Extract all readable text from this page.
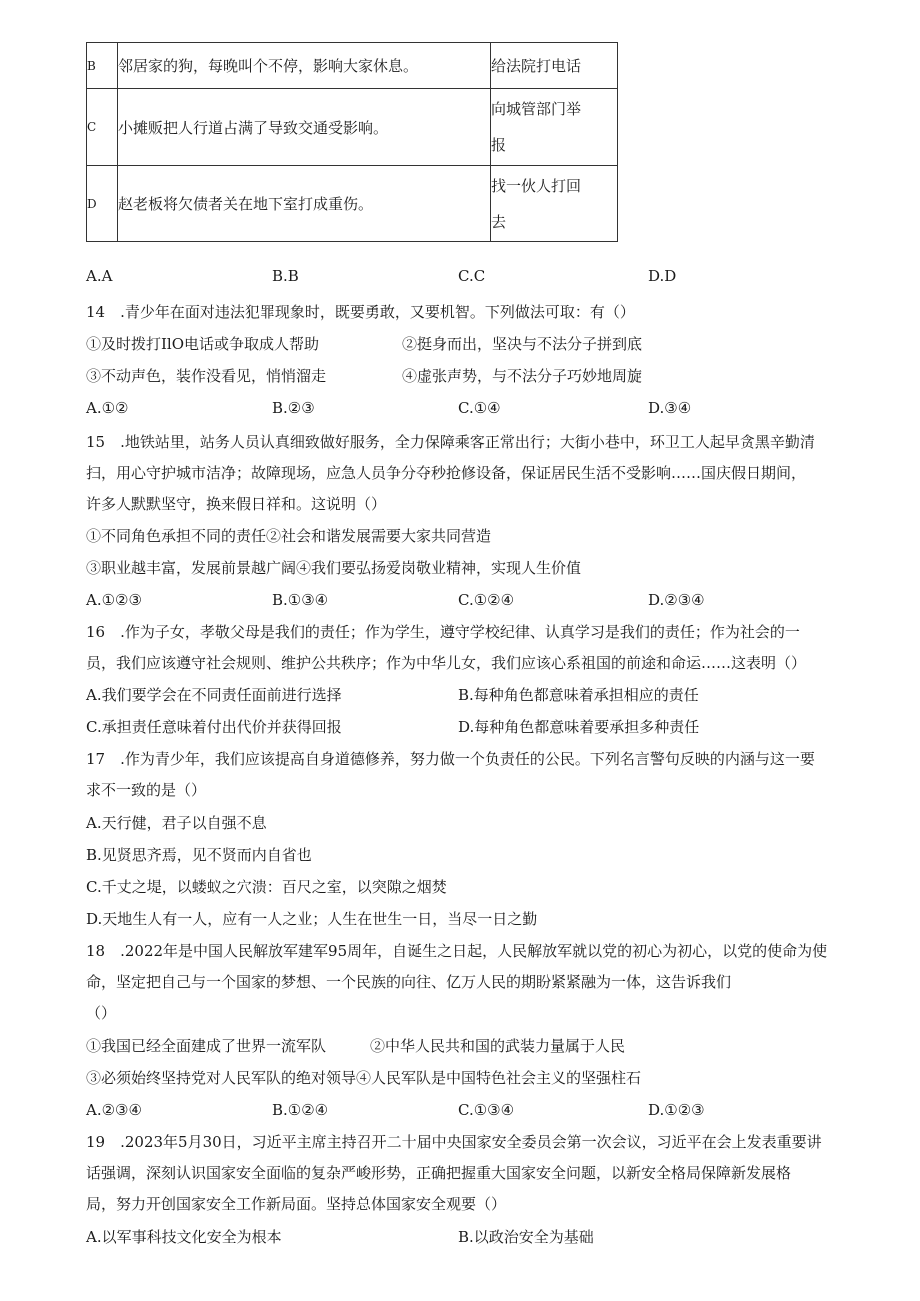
B	邻居家的狗，每晚叫个不停，影响大家休息。	给法院打电话
C	小摊贩把人行道占满了导致交通受影响。	向城管部门举
报

D	赵老板将欠债者关在地下室打成重伤。	找一伙人打回
去
A.A	B.B	C.C	D.D
14　.青少年在面对违法犯罪现象时，既要勇敢，又要机智。下列做法可取：有（）
①及时拨打IlO电话或争取成人帮助	②挺身而出，坚决与不法分子拼到底
③不动声色，装作没看见，悄悄溜走	④虚张声势，与不法分子巧妙地周旋
A.①②	B.②③	C.①④	D.③④
15　.地铁站里，站务人员认真细致做好服务，全力保障乘客正常出行；大街小巷中，环卫工人起早贪黑辛勤清
扫，用心守护城市洁净；故障现场，应急人员争分夺秒抢修设备，保证居民生活不受影响……国庆假日期间，
许多人默默坚守，换来假日祥和。这说明（）
①不同角色承担不同的责任②社会和谐发展需要大家共同营造
③职业越丰富，发展前景越广阔④我们要弘扬爱岗敬业精神，实现人生价值
A.①②③	B.①③④	C.①②④	D.②③④
16　.作为子女，孝敬父母是我们的责任；作为学生，遵守学校纪律、认真学习是我们的责任；作为社会的一
员，我们应该遵守社会规则、维护公共秩序；作为中华儿女，我们应该心系祖国的前途和命运……这表明（）
A.我们要学会在不同责任面前进行选择	B.每种角色都意味着承担相应的责任
C.承担责任意味着付出代价并获得回报	D.每种角色都意味着要承担多种责任
17　.作为青少年，我们应该提高自身道德修养，努力做一个负责任的公民。下列名言警句反映的内涵与这一要
求不一致的是（）
A.天行健，君子以自强不息
B.见贤思齐焉，见不贤而内自省也
C.千丈之堤，以蝼蚁之穴溃：百尺之室，以突隙之烟焚
D.天地生人有一人，应有一人之业；人生在世生一日，当尽一日之勤
18　.2022年是中国人民解放军建军95周年，自诞生之日起，人民解放军就以党的初心为初心，以党的使命为使
命，坚定把自己与一个国家的梦想、一个民族的向往、亿万人民的期盼紧紧融为一体，这告诉我们
（）
①我国已经全面建成了世界一流军队	②中华人民共和国的武装力量属于人民
③必须始终坚持党对人民军队的绝对领导④人民军队是中国特色社会主义的坚强柱石
A.②③④	B.①②④	C.①③④	D.①②③
19　.2023年5月30日，习近平主席主持召开二十届中央国家安全委员会第一次会议，习近平在会上发表重要讲
话强调，深刻认识国家安全面临的复杂严峻形势，正确把握重大国家安全问题，以新安全格局保障新发展格
局，努力开创国家安全工作新局面。坚持总体国家安全观要（）
A.以军事科技文化安全为根本	B.以政治安全为基础
